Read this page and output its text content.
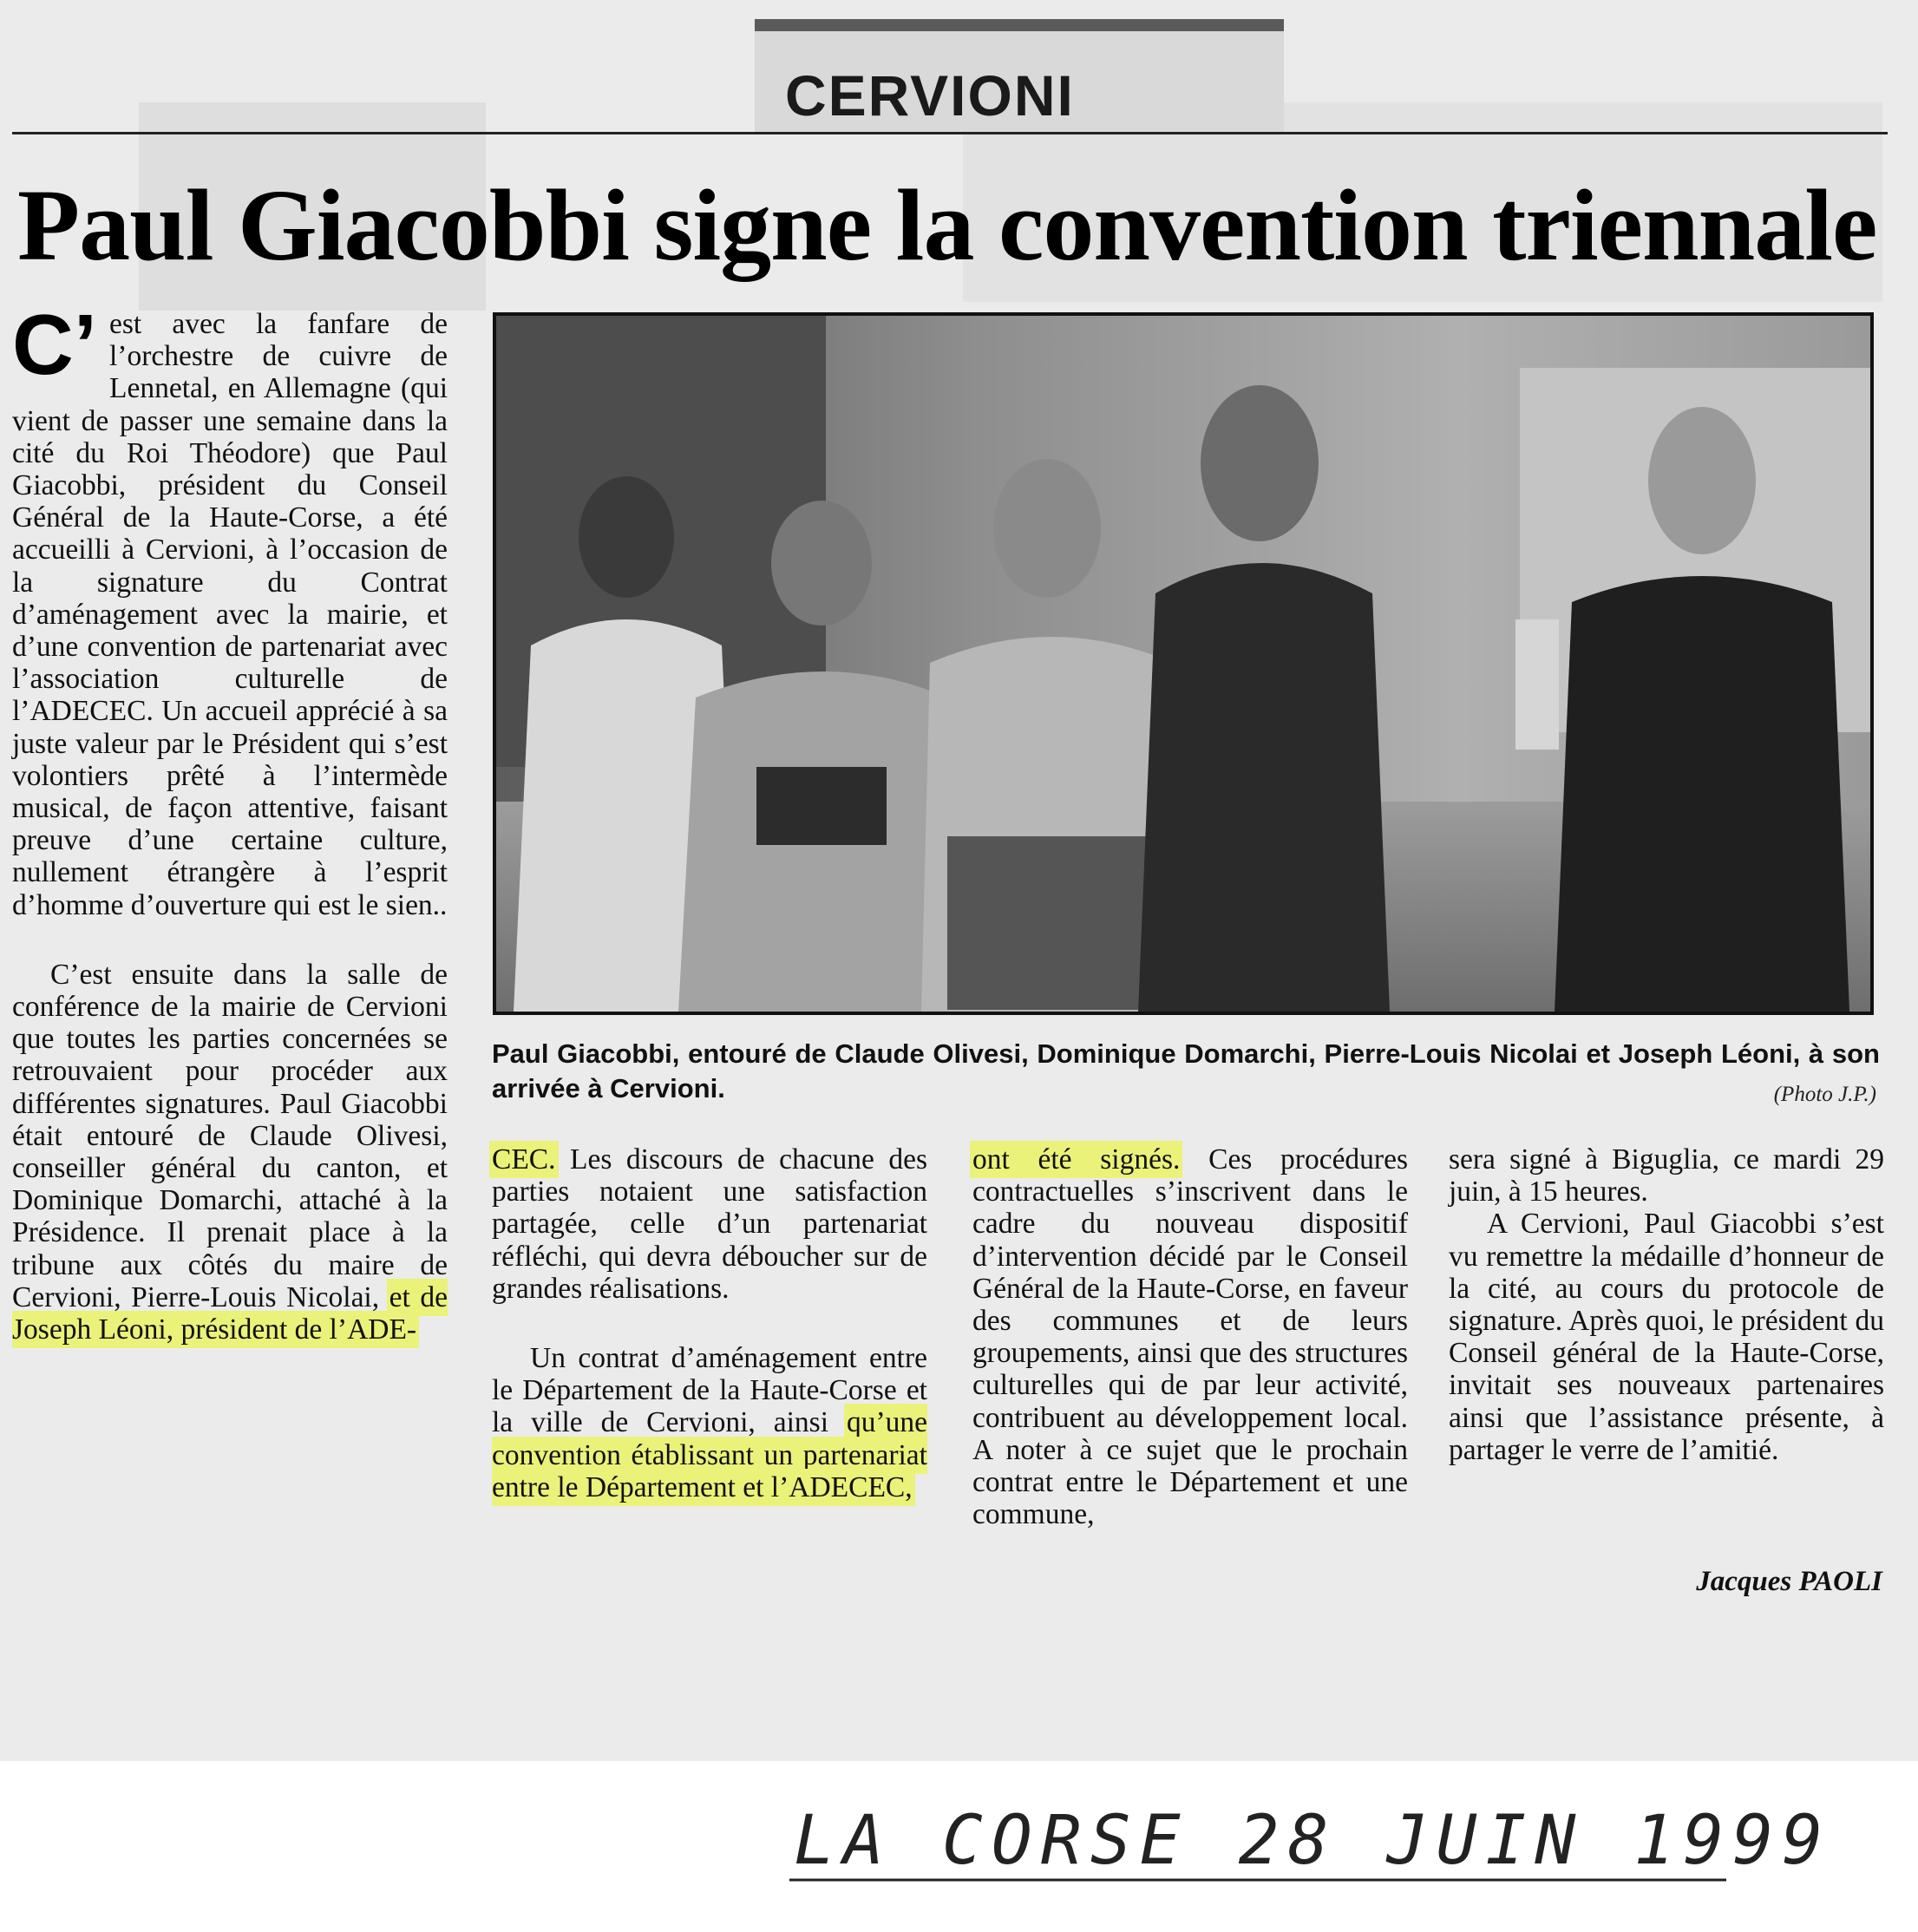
CERVIONI
Paul Giacobbi signe la convention triennale

C’ est avec la fanfare de l’orchestre de cuivre de Lennetal, en Allemagne (qui vient de passer une semaine dans la cité du Roi Théodore) que Paul Giacobbi, président du Conseil Général de la Haute-Corse, a été accueilli à Cervioni, à l’occasion de la signature du Contrat d’aménagement avec la mairie, et d’une convention de partenariat avec l’association culturelle de l’ADECEC. Un accueil apprécié à sa juste valeur par le Président qui s’est volontiers prêté à l’intermède musical, de façon attentive, faisant preuve d’une certaine culture, nullement étrangère à l’esprit d’homme d’ouverture qui est le sien..

C’est ensuite dans la salle de conférence de la mairie de Cervioni que toutes les parties concernées se retrouvaient pour procéder aux différentes signatures. Paul Giacobbi était entouré de Claude Olivesi, conseiller général du canton, et Dominique Domarchi, attaché à la Présidence. Il prenait place à la tribune aux côtés du maire de Cervioni, Pierre-Louis Nicolai, et de Joseph Léoni, président de l’ADE-

Paul Giacobbi, entouré de Claude Olivesi, Dominique Domarchi, Pierre-Louis Nicolai et Joseph Léoni, à son arrivée à Cervioni.	(Photo J.P.)

CEC. Les discours de chacune des parties notaient une satisfaction partagée, celle d’un partenariat réfléchi, qui devra déboucher sur de grandes réalisations.

Un contrat d’aménagement entre le Département de la Haute-Corse et la ville de Cervioni, ainsi qu’une convention établissant un partenariat entre le Département et l’ADECEC,

ont été signés. Ces procédures contractuelles s’inscrivent dans le cadre du nouveau dispositif d’intervention décidé par le Conseil Général de la Haute-Corse, en faveur des communes et de leurs groupements, ainsi que des structures culturelles qui de par leur activité, contribuent au développement local. A noter à ce sujet que le prochain contrat entre le Département et une commune,

sera signé à Biguglia, ce mardi 29 juin, à 15 heures.

A Cervioni, Paul Giacobbi s’est vu remettre la médaille d’honneur de la cité, au cours du protocole de signature. Après quoi, le président du Conseil général de la Haute-Corse, invitait ses nouveaux partenaires ainsi que l’assistance présente, à partager le verre de l’amitié.

Jacques PAOLI
LA CORSE 28 JUIN 1999
